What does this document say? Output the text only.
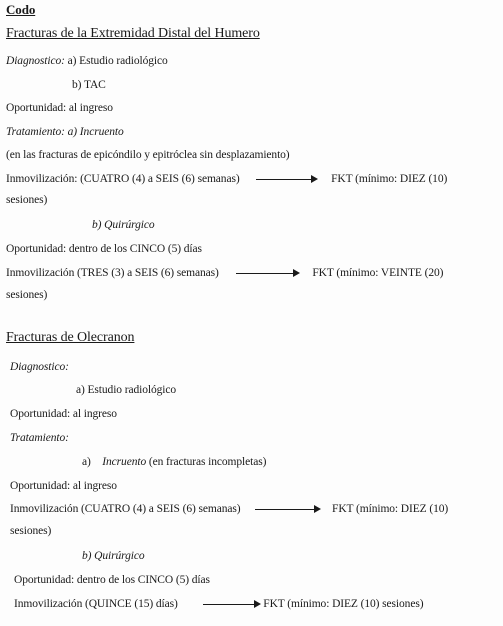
Codo
Fracturas de la Extremidad Distal del Humero
Diagnostico: a) Estudio radiológico
b) TAC
Oportunidad: al ingreso
Tratamiento: a) Incruento
(en las fracturas de epicóndilo y epitróclea sin desplazamiento)
Inmovilización: (CUATRO (4) a SEIS (6) semanas)	FKT (mínimo: DIEZ (10)
sesiones)
b) Quirúrgico
Oportunidad: dentro de los CINCO (5) días
Inmovilización (TRES (3) a SEIS (6) semanas)	FKT (mínimo: VEINTE (20)
sesiones)
Fracturas de Olecranon
Diagnostico:
a) Estudio radiológico
Oportunidad: al ingreso
Tratamiento:
a) Incruento (en fracturas incompletas)
Oportunidad: al ingreso
Inmovilización (CUATRO (4) a SEIS (6) semanas)	FKT (mínimo: DIEZ (10)
sesiones)
b) Quirúrgico
Oportunidad: dentro de los CINCO (5) días
Inmovilización (QUINCE (15) días)	FKT (mínimo: DIEZ (10) sesiones)
